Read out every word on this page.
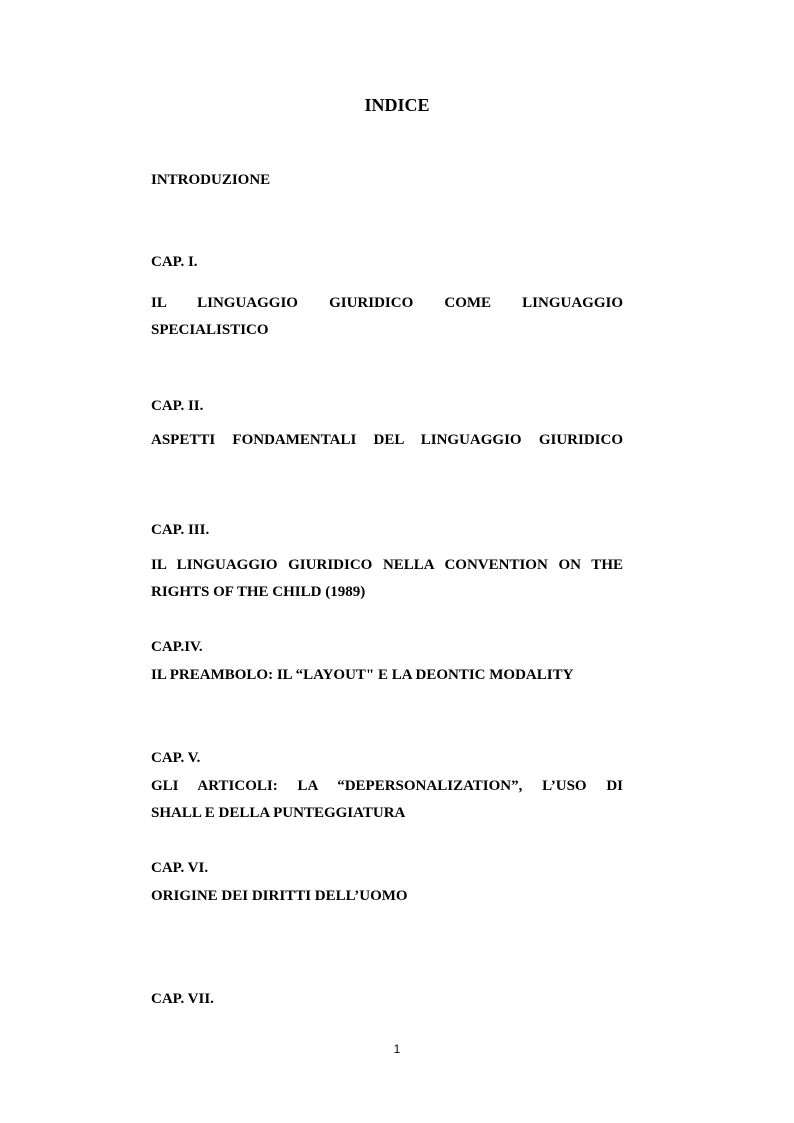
INDICE
INTRODUZIONE
CAP. I.
IL LINGUAGGIO GIURIDICO COME LINGUAGGIO
SPECIALISTICO
CAP. II.
ASPETTI FONDAMENTALI DEL LINGUAGGIO GIURIDICO
CAP. III.
IL LINGUAGGIO GIURIDICO NELLA CONVENTION ON THE
RIGHTS OF THE CHILD (1989)
CAP.IV.
IL PREAMBOLO: IL “LAYOUT" E LA DEONTIC MODALITY
CAP. V.
GLI ARTICOLI: LA “DEPERSONALIZATION”, L’USO DI
SHALL E DELLA PUNTEGGIATURA
CAP. VI.
ORIGINE DEI DIRITTI DELL’UOMO
CAP. VII.
1
